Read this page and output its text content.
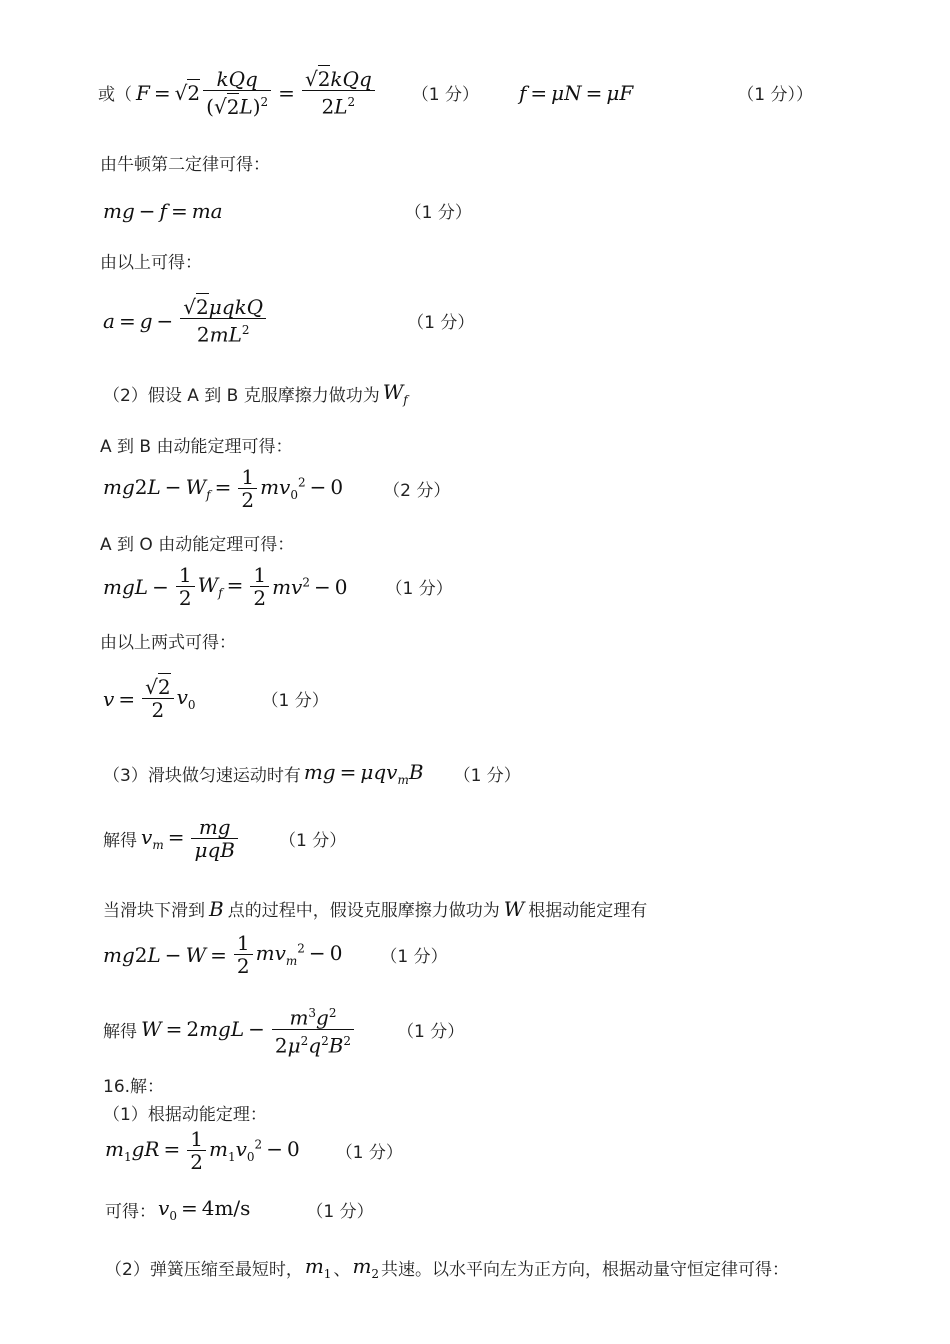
或（ $F = √2 \frac{\text{kQq}}{(√2L)^2} = \frac{\text{√2kQq}}{2L^2} (1$ 分） f = μN = μF	（1 分））
由牛顿第二定律可得：
mg − f = ma	（1 分）
由以上可得：
$a = g - \frac{\text{√2μqkQ}}{2mL^2}$	（1 分）
（2）假设 A 到 B 克服摩擦力做功为 $W_f$
A 到 B 由动能定理可得：
$mg2L - W_f = \frac{1}{2} mv_0^2 - 0$ （2 分）
A 到 O 由动能定理可得：
mgL − $\frac{1}{2} W_f = \frac{1}{2} mv^2 - 0$ （1 分）
由以上两式可得：
$v = \frac{√2}{2} v_0$	（1 分）
（3）滑块做匀速运动时有 mg = μqv$_m$B （1 分）
解得 $v_m = \frac{mg}{\text{μqB}} (1$ 分）
当滑块下滑到 B 点的过程中，假设克服摩擦力做功为 W 根据动能定理有
$mg2L - W = \frac{1}{2} mv_m^2 - 0$ （1 分）
解得 $W = 2mgL - \frac{m^3g^2}{2\mu^2q^2B^2}$	（1 分）
16.解：
（1）根据动能定理：
$m_1gR = \frac{1}{2} m_1v_0^2 - 0$ （1 分）
可得： $v_0 = 4m/s$	（1 分）
（2）弹簧压缩至最短时， $m_1$ 、 $m_2$ 共速。以水平向左为正方向，根据动量守恒定律可得：
